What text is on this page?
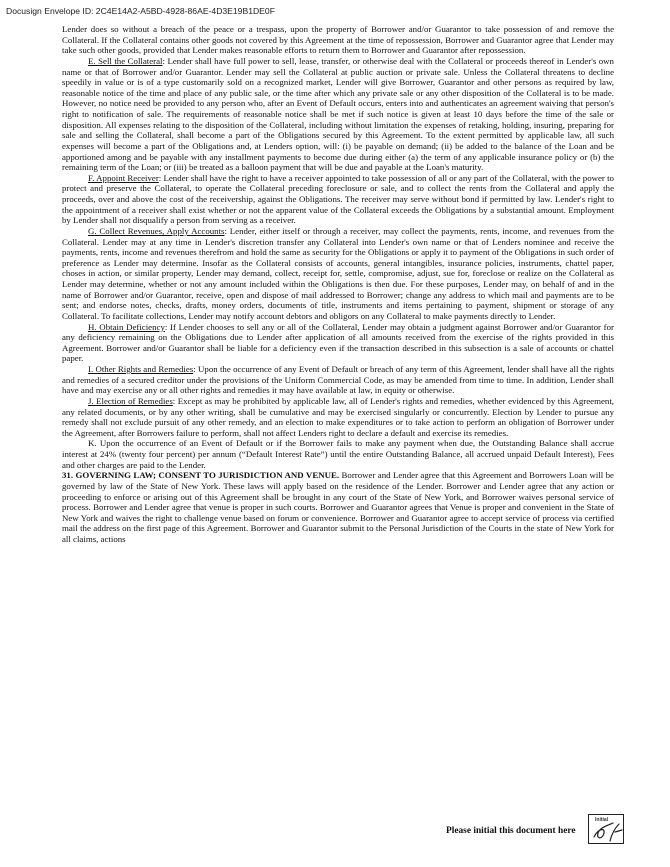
Docusign Envelope ID: 2C4E14A2-A5BD-4928-86AE-4D3E19B1DE0F

Lender does so without a breach of the peace or a trespass, upon the property of Borrower and/or Guarantor to take possession of and remove the Collateral. If the Collateral contains other goods not covered by this Agreement at the time of repossession, Borrower and Guarantor agree that Lender may take such other goods, provided that Lender makes reasonable efforts to return them to Borrower and Guarantor after repossession.

E. Sell the Collateral: Lender shall have full power to sell, lease, transfer, or otherwise deal with the Collateral or proceeds thereof in Lender's own name or that of Borrower and/or Guarantor. Lender may sell the Collateral at public auction or private sale. Unless the Collateral threatens to decline speedily in value or is of a type customarily sold on a recognized market, Lender will give Borrower, Guarantor and other persons as required by law, reasonable notice of the time and place of any public sale, or the time after which any private sale or any other disposition of the Collateral is to be made. However, no notice need be provided to any person who, after an Event of Default occurs, enters into and authenticates an agreement waiving that person's right to notification of sale. The requirements of reasonable notice shall be met if such notice is given at least 10 days before the time of the sale or disposition. All expenses relating to the disposition of the Collateral, including without limitation the expenses of retaking, holding, insuring, preparing for sale and selling the Collateral, shall become a part of the Obligations secured by this Agreement. To the extent permitted by applicable law, all such expenses will become a part of the Obligations and, at Lenders option, will: (i) be payable on demand; (ii) be added to the balance of the Loan and be apportioned among and be payable with any installment payments to become due during either (a) the term of any applicable insurance policy or (b) the remaining term of the Loan; or (iii) be treated as a balloon payment that will be due and payable at the Loan's maturity.

F. Appoint Receiver: Lender shall have the right to have a receiver appointed to take possession of all or any part of the Collateral, with the power to protect and preserve the Collateral, to operate the Collateral preceding foreclosure or sale, and to collect the rents from the Collateral and apply the proceeds, over and above the cost of the receivership, against the Obligations. The receiver may serve without bond if permitted by law. Lender's right to the appointment of a receiver shall exist whether or not the apparent value of the Collateral exceeds the Obligations by a substantial amount. Employment by Lender shall not disqualify a person from serving as a receiver.

G. Collect Revenues, Apply Accounts: Lender, either itself or through a receiver, may collect the payments, rents, income, and revenues from the Collateral. Lender may at any time in Lender's discretion transfer any Collateral into Lender's own name or that of Lenders nominee and receive the payments, rents, income and revenues therefrom and hold the same as security for the Obligations or apply it to payment of the Obligations in such order of preference as Lender may determine. Insofar as the Collateral consists of accounts, general intangibles, insurance policies, instruments, chattel paper, choses in action, or similar property, Lender may demand, collect, receipt for, settle, compromise, adjust, sue for, foreclose or realize on the Collateral as Lender may determine, whether or not any amount included within the Obligations is then due. For these purposes, Lender may, on behalf of and in the name of Borrower and/or Guarantor, receive, open and dispose of mail addressed to Borrower; change any address to which mail and payments are to be sent; and endorse notes, checks, drafts, money orders, documents of title, instruments and items pertaining to payment, shipment or storage of any Collateral. To facilitate collections, Lender may notify account debtors and obligors on any Collateral to make payments directly to Lender.

H. Obtain Deficiency: If Lender chooses to sell any or all of the Collateral, Lender may obtain a judgment against Borrower and/or Guarantor for any deficiency remaining on the Obligations due to Lender after application of all amounts received from the exercise of the rights provided in this Agreement. Borrower and/or Guarantor shall be liable for a deficiency even if the transaction described in this subsection is a sale of accounts or chattel paper.

I. Other Rights and Remedies: Upon the occurrence of any Event of Default or breach of any term of this Agreement, lender shall have all the rights and remedies of a secured creditor under the provisions of the Uniform Commercial Code, as may be amended from time to time. In addition, Lender shall have and may exercise any or all other rights and remedies it may have available at law, in equity or otherwise.

J. Election of Remedies: Except as may be prohibited by applicable law, all of Lender's rights and remedies, whether evidenced by this Agreement, any related documents, or by any other writing, shall be cumulative and may be exercised singularly or concurrently. Election by Lender to pursue any remedy shall not exclude pursuit of any other remedy, and an election to make expenditures or to take action to perform an obligation of Borrower under the Agreement, after Borrowers failure to perform, shall not affect Lenders right to declare a default and exercise its remedies.

K. Upon the occurrence of an Event of Default or if the Borrower fails to make any payment when due, the Outstanding Balance shall accrue interest at 24% (twenty four percent) per annum (“Default Interest Rate”) until the entire Outstanding Balance, all accrued unpaid Default Interest), Fees and other charges are paid to the Lender.

31. GOVERNING LAW; CONSENT TO JURISDICTION AND VENUE. Borrower and Lender agree that this Agreement and Borrowers Loan will be governed by law of the State of New York. These laws will apply based on the residence of the Lender. Borrower and Lender agree that any action or proceeding to enforce or arising out of this Agreement shall be brought in any court of the State of New York, and Borrower waives personal service of process. Borrower and Lender agree that venue is proper in such courts. Borrower and Guarantor agrees that Venue is proper and convenient in the State of New York and waives the right to challenge venue based on forum or convenience. Borrower and Guarantor agree to accept service of process via certified mail the address on the first page of this Agreement. Borrower and Guarantor submit to the Personal Jurisdiction of the Courts in the state of New York for all claims, actions

Please initial this document here
Initial
